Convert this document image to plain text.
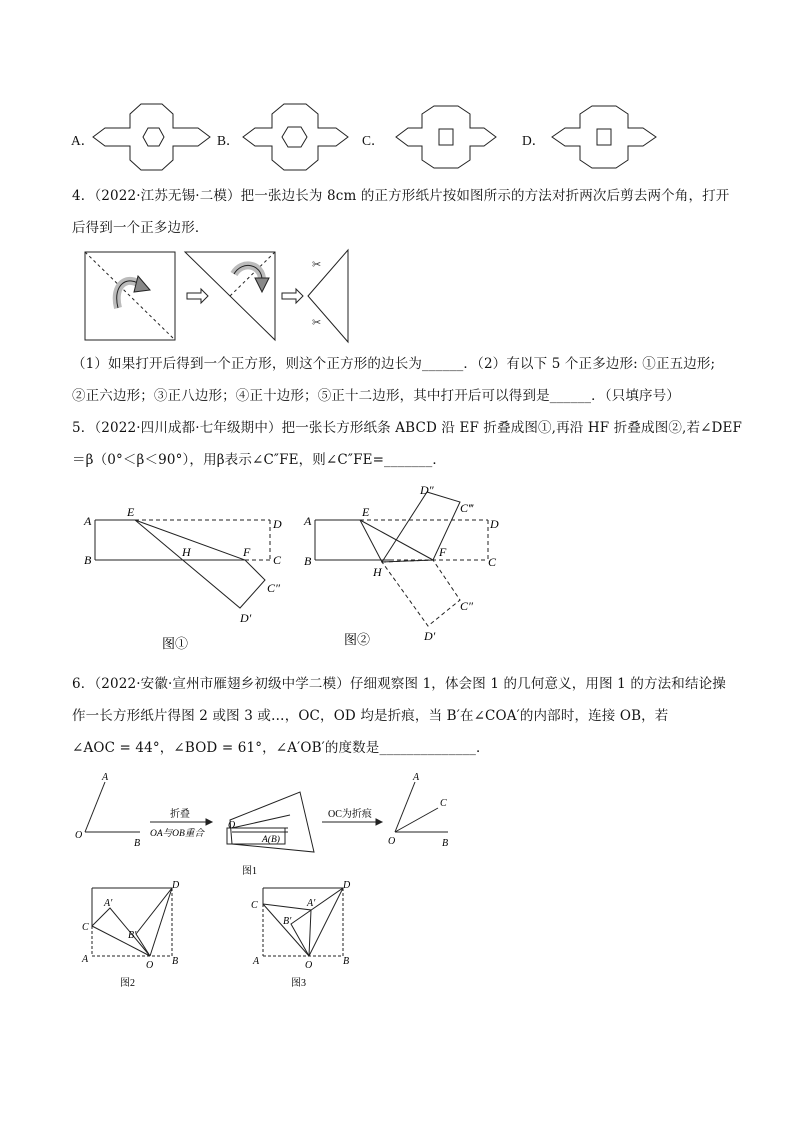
A．	B．	C．	D．
4．（2022·江苏无锡·二模）把一张边长为 8cm 的正方形纸片按如图所示的方法对折两次后剪去两个角，打开
后得到一个正多边形．
✂
✂
（1）如果打开后得到一个正方形，则这个正方形的边长为______．（2）有以下 5 个正多边形: ①正五边形;
②正六边形；③正八边形；④正十边形；⑤正十二边形，其中打开后可以得到是______．（只填序号）
5．（2022·四川成都·七年级期中）把一张长方形纸条 ABCD 沿 EF 折叠成图①,再沿 HF 折叠成图②,若∠DEF
＝β（0°＜β＜90°），用β表示∠C″FE，则∠C″FE=_______．
A
B
E
D
C
H	F
C″
D′
图①
A
B
E
D
C
H
F
D″
C‴
C″
D′
图②
6．（2022·安徽·宣州市雁翅乡初级中学二模）仔细观察图 1，体会图 1 的几何意义，用图 1 的方法和结论操
作一长方形纸片得图 2 或图 3 或…，OC，OD 均是折痕，当 B′在∠COA′的内部时，连接 OB，若
∠AOC = 44°，∠BOD = 61°，∠A′OB′的度数是______________．
O
A
B
折叠
OA与OB重合
O
A(B)
OC为折痕
A
C
O	B
图1
D
A′
C
B′
A
O B
图2
D
C	A′
B′
A	O	B
图3
